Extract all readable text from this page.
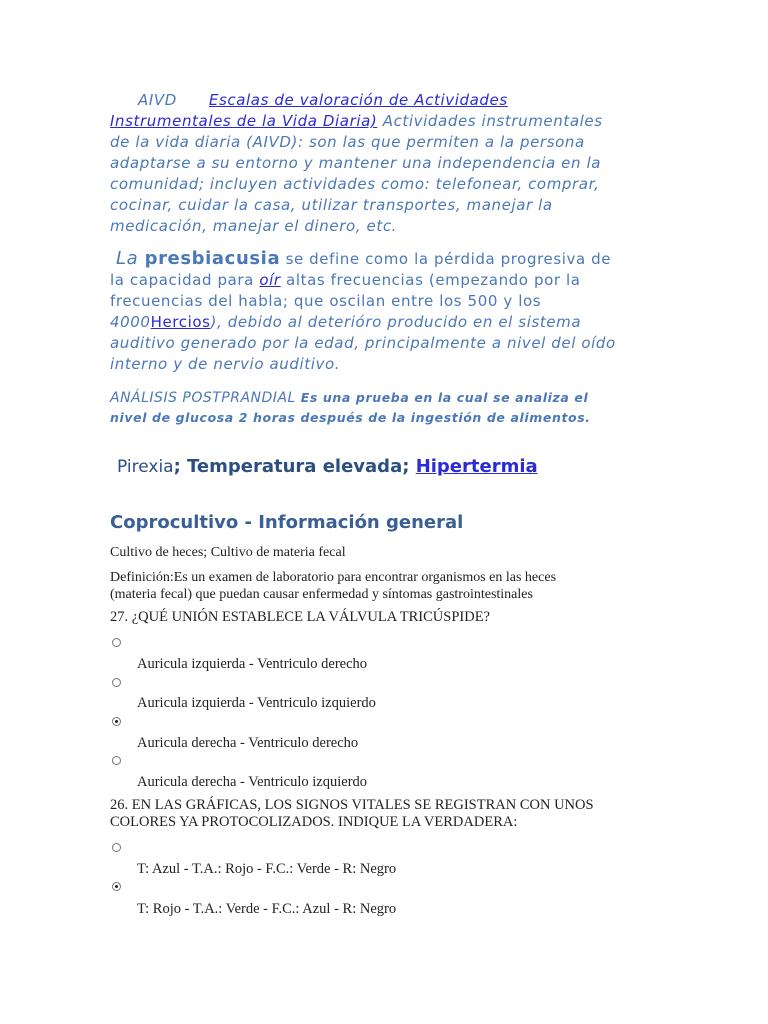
AIVD Escalas de valoración de Actividades
Instrumentales de la Vida Diaria) Actividades instrumentales
de la vida diaria (AIVD): son las que permiten a la persona
adaptarse a su entorno y mantener una independencia en la
comunidad; incluyen actividades como: telefonear, comprar,
cocinar, cuidar la casa, utilizar transportes, manejar la
medicación, manejar el dinero, etc.
La presbiacusia se define como la pérdida progresiva de
la capacidad para oír altas frecuencias (empezando por la
frecuencias del habla; que oscilan entre los 500 y los
4000Hercios), debido al deterióro producido en el sistema
auditivo generado por la edad, principalmente a nivel del oído
interno y de nervio auditivo.
ANÁLISIS POSTPRANDIAL Es una prueba en la cual se analiza el
nivel de glucosa 2 horas después de la ingestión de alimentos.
Pirexia; Temperatura elevada; Hipertermia
Coprocultivo - Información general
Cultivo de heces; Cultivo de materia fecal
Definición:Es un examen de laboratorio para encontrar organismos en las heces
(materia fecal) que puedan causar enfermedad y síntomas gastrointestinales
27. ¿QUÉ UNIÓN ESTABLECE LA VÁLVULA TRICÚSPIDE?
Auricula izquierda - Ventriculo derecho
Auricula izquierda - Ventriculo izquierdo
Auricula derecha - Ventriculo derecho
Auricula derecha - Ventriculo izquierdo
26. EN LAS GRÁFICAS, LOS SIGNOS VITALES SE REGISTRAN CON UNOS
COLORES YA PROTOCOLIZADOS. INDIQUE LA VERDADERA:
T: Azul - T.A.: Rojo - F.C.: Verde - R: Negro
T: Rojo - T.A.: Verde - F.C.: Azul - R: Negro
